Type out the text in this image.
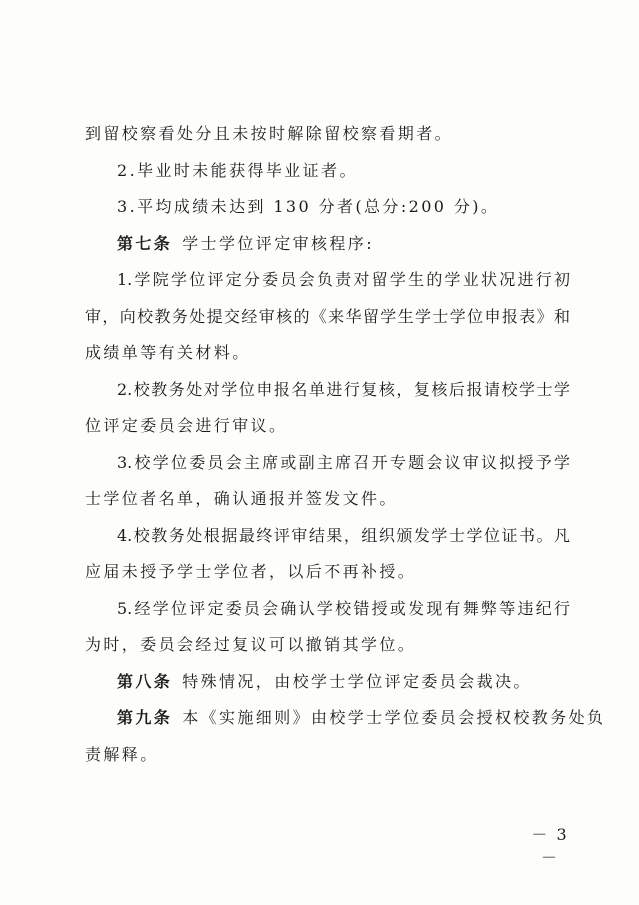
到留校察看处分且未按时解除留校察看期者。
2.毕业时未能获得毕业证者。
3.平均成绩未达到 130 分者(总分:200 分)。
第七条 学士学位评定审核程序:
1.学院学位评定分委员会负责对留学生的学业状况进行初
审，向校教务处提交经审核的《来华留学生学士学位申报表》和
成绩单等有关材料。
2.校教务处对学位申报名单进行复核，复核后报请校学士学
位评定委员会进行审议。
3.校学位委员会主席或副主席召开专题会议审议拟授予学
士学位者名单，确认通报并签发文件。
4.校教务处根据最终评审结果，组织颁发学士学位证书。凡
应届未授予学士学位者，以后不再补授。
5.经学位评定委员会确认学校错授或发现有舞弊等违纪行
为时，委员会经过复议可以撤销其学位。
第八条 特殊情况，由校学士学位评定委员会裁决。
第九条 本《实施细则》由校学士学位委员会授权校教务处负
责解释。
－ 3 －
